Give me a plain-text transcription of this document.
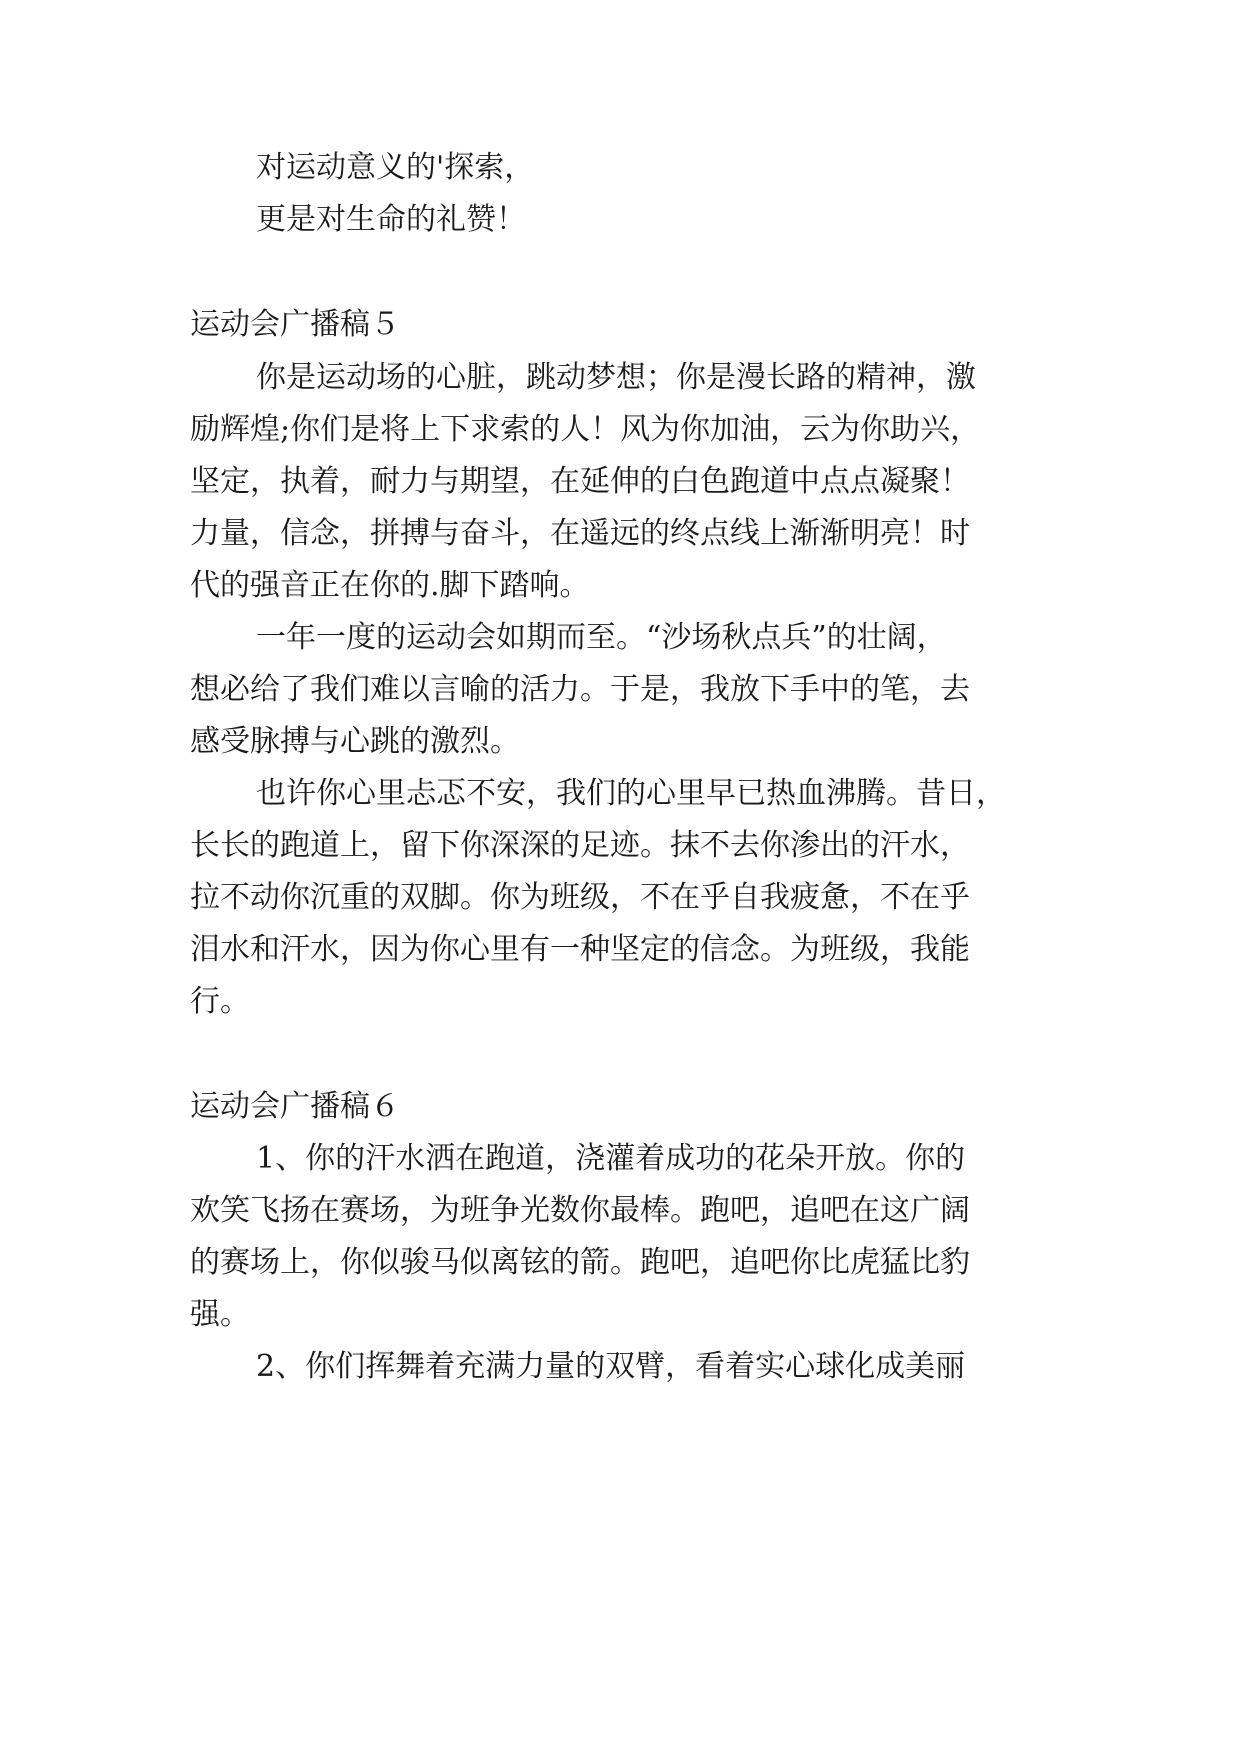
对运动意义的'探索，
更是对生命的礼赞！
运动会广播稿５
你是运动场的心脏，跳动梦想；你是漫长路的精神，激
励辉煌;你们是将上下求索的人！风为你加油，云为你助兴，
坚定，执着，耐力与期望，在延伸的白色跑道中点点凝聚！
力量，信念，拼搏与奋斗，在遥远的终点线上渐渐明亮！时
代的强音正在你的.脚下踏响。
一年一度的运动会如期而至。“沙场秋点兵”的壮阔，
想必给了我们难以言喻的活力。于是，我放下手中的笔，去
感受脉搏与心跳的激烈。
也许你心里忐忑不安，我们的心里早已热血沸腾。昔日，
长长的跑道上，留下你深深的足迹。抹不去你渗出的汗水，
拉不动你沉重的双脚。你为班级，不在乎自我疲惫，不在乎
泪水和汗水，因为你心里有一种坚定的信念。为班级，我能
行。
运动会广播稿６
1、你的汗水洒在跑道，浇灌着成功的花朵开放。你的
欢笑飞扬在赛场，为班争光数你最棒。跑吧，追吧在这广阔
的赛场上，你似骏马似离铉的箭。跑吧，追吧你比虎猛比豹
强。
2、你们挥舞着充满力量的双臂，看着实心球化成美丽
